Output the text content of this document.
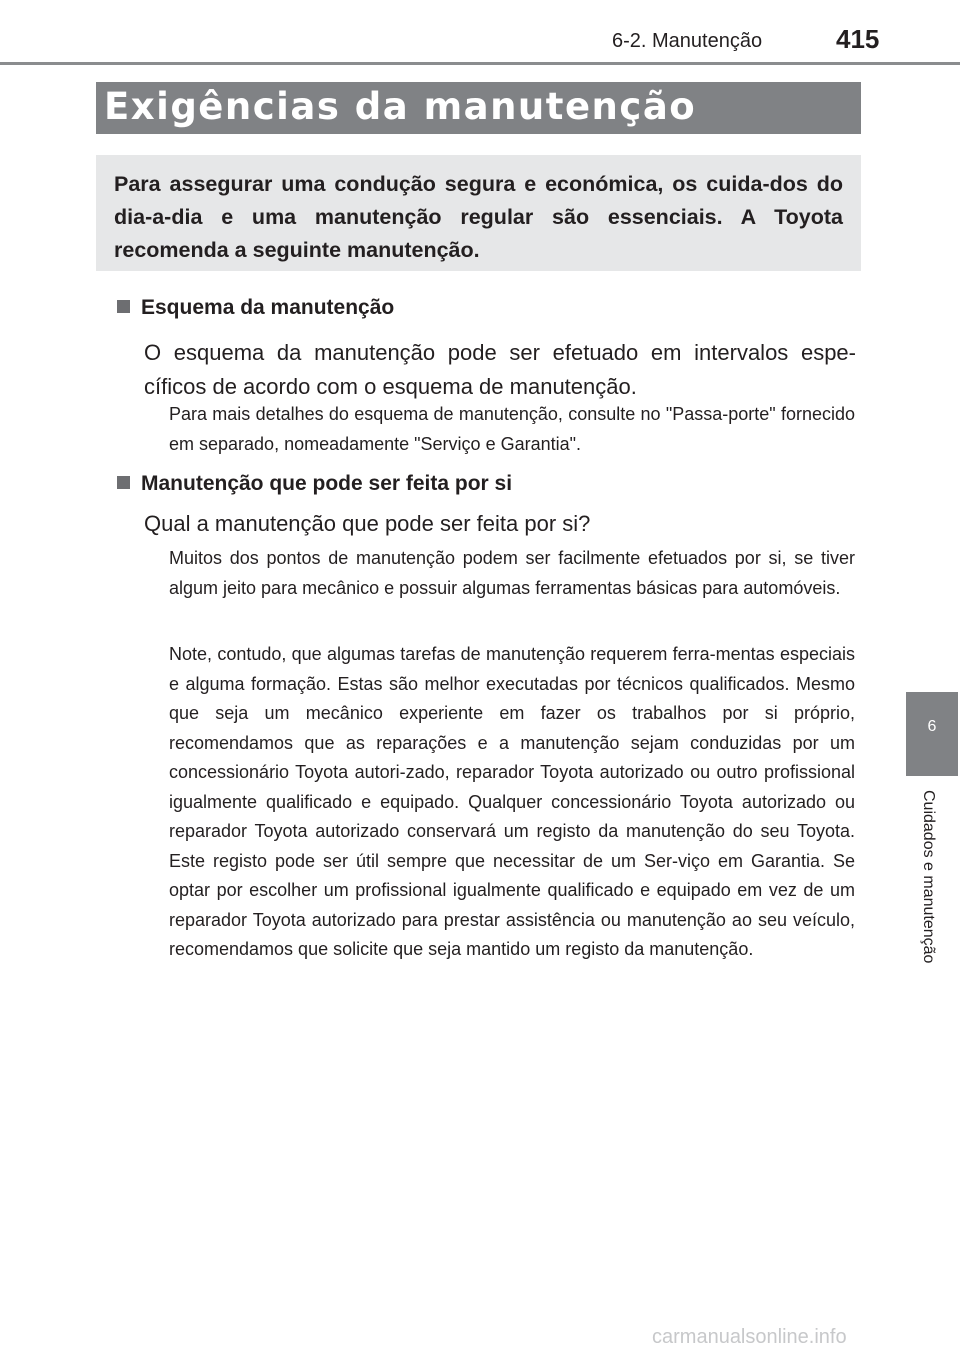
6-2. Manutenção	415
Exigências da manutenção

Para assegurar uma condução segura e económica, os cuida-dos do dia-a-dia e uma manutenção regular são essenciais. A Toyota recomenda a seguinte manutenção.

Esquema da manutenção

O esquema da manutenção pode ser efetuado em intervalos espe-cíficos de acordo com o esquema de manutenção.

Para mais detalhes do esquema de manutenção, consulte no "Passa-porte" fornecido em separado, nomeadamente "Serviço e Garantia".

Manutenção que pode ser feita por si

Qual a manutenção que pode ser feita por si?

Muitos dos pontos de manutenção podem ser facilmente efetuados por si, se tiver algum jeito para mecânico e possuir algumas ferramentas básicas para automóveis.

Note, contudo, que algumas tarefas de manutenção requerem ferra-mentas especiais e alguma formação. Estas são melhor executadas por técnicos qualificados. Mesmo que seja um mecânico experiente em fazer os trabalhos por si próprio, recomendamos que as reparações e a manutenção sejam conduzidas por um concessionário Toyota autori-zado, reparador Toyota autorizado ou outro profissional igualmente qualificado e equipado. Qualquer concessionário Toyota autorizado ou reparador Toyota autorizado conservará um registo da manutenção do seu Toyota. Este registo pode ser útil sempre que necessitar de um Ser-viço em Garantia. Se optar por escolher um profissional igualmente qualificado e equipado em vez de um reparador Toyota autorizado para prestar assistência ou manutenção ao seu veículo, recomendamos que solicite que seja mantido um registo da manutenção.

6
Cuidados e manutenção
carmanualsonline.info
